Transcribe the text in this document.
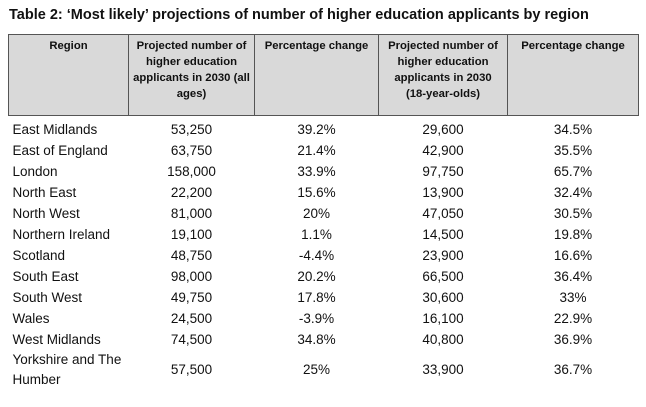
Table 2: ‘Most likely’ projections of number of higher education applicants by region
Region	Projected number of higher education applicants in 2030 (all ages)	Percentage change	Projected number of higher education applicants in 2030 (18-year-olds)	Percentage change
East Midlands	53,250	39.2%	29,600	34.5%
East of England	63,750	21.4%	42,900	35.5%
London	158,000	33.9%	97,750	65.7%
North East	22,200	15.6%	13,900	32.4%
North West	81,000	20%	47,050	30.5%
Northern Ireland	19,100	1.1%	14,500	19.8%
Scotland	48,750	-4.4%	23,900	16.6%
South East	98,000	20.2%	66,500	36.4%
South West	49,750	17.8%	30,600	33%
Wales	24,500	-3.9%	16,100	22.9%
West Midlands	74,500	34.8%	40,800	36.9%
Yorkshire and The Humber	57,500	25%	33,900	36.7%
